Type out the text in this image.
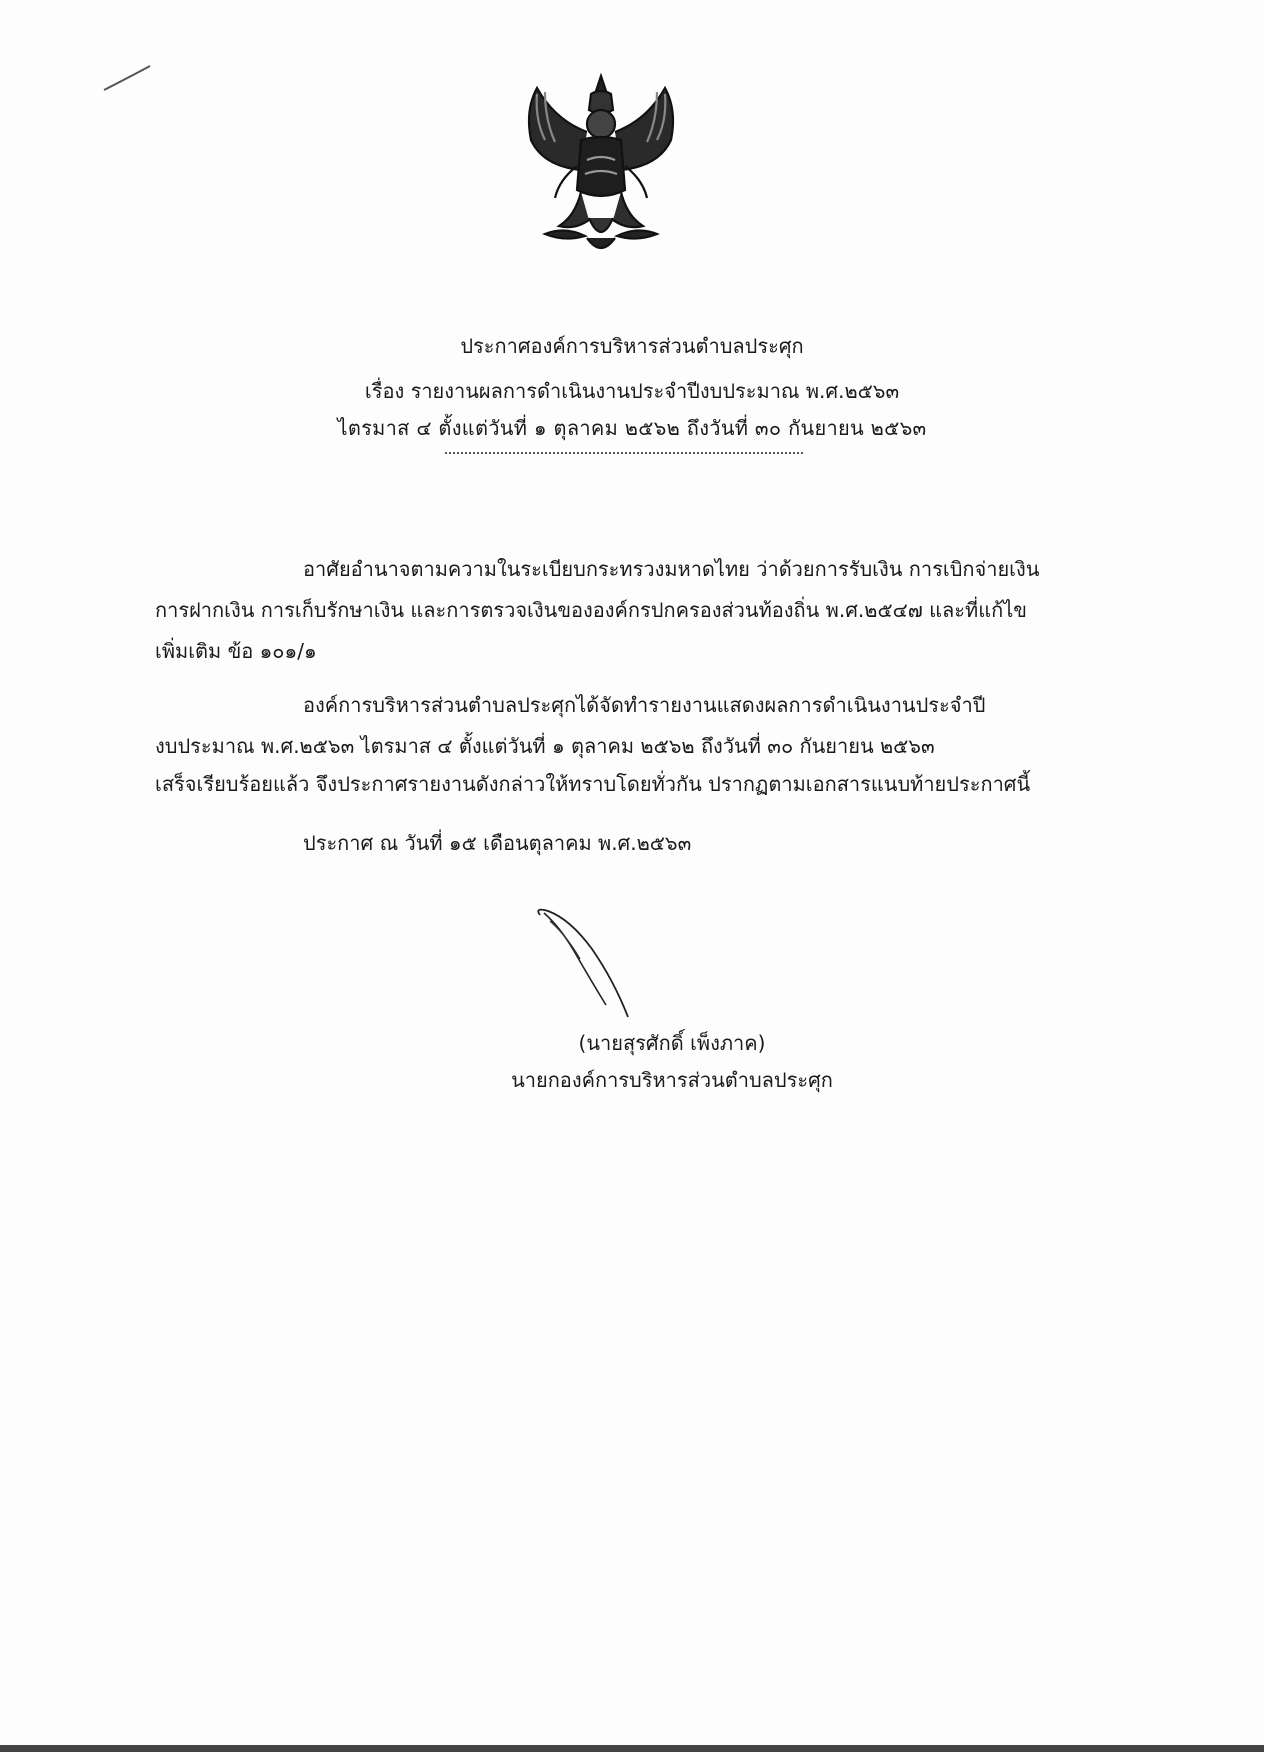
ประกาศองค์การบริหารส่วนตำบลประศุก
เรื่อง รายงานผลการดำเนินงานประจำปีงบประมาณ พ.ศ.๒๕๖๓
ไตรมาส ๔ ตั้งแต่วันที่ ๑ ตุลาคม ๒๕๖๒ ถึงวันที่ ๓๐ กันยายน ๒๕๖๓
อาศัยอำนาจตามความในระเบียบกระทรวงมหาดไทย ว่าด้วยการรับเงิน การเบิกจ่ายเงิน
การฝากเงิน การเก็บรักษาเงิน และการตรวจเงินขององค์กรปกครองส่วนท้องถิ่น พ.ศ.๒๕๔๗ และที่แก้ไข
เพิ่มเติม ข้อ ๑๐๑/๑
องค์การบริหารส่วนตำบลประศุกได้จัดทำรายงานแสดงผลการดำเนินงานประจำปี
งบประมาณ พ.ศ.๒๕๖๓ ไตรมาส ๔ ตั้งแต่วันที่ ๑ ตุลาคม ๒๕๖๒ ถึงวันที่ ๓๐ กันยายน ๒๕๖๓
เสร็จเรียบร้อยแล้ว จึงประกาศรายงานดังกล่าวให้ทราบโดยทั่วกัน ปรากฏตามเอกสารแนบท้ายประกาศนี้
ประกาศ ณ วันที่ ๑๕ เดือนตุลาคม พ.ศ.๒๕๖๓
(นายสุรศักดิ์ เพ็งภาค)
นายกองค์การบริหารส่วนตำบลประศุก
